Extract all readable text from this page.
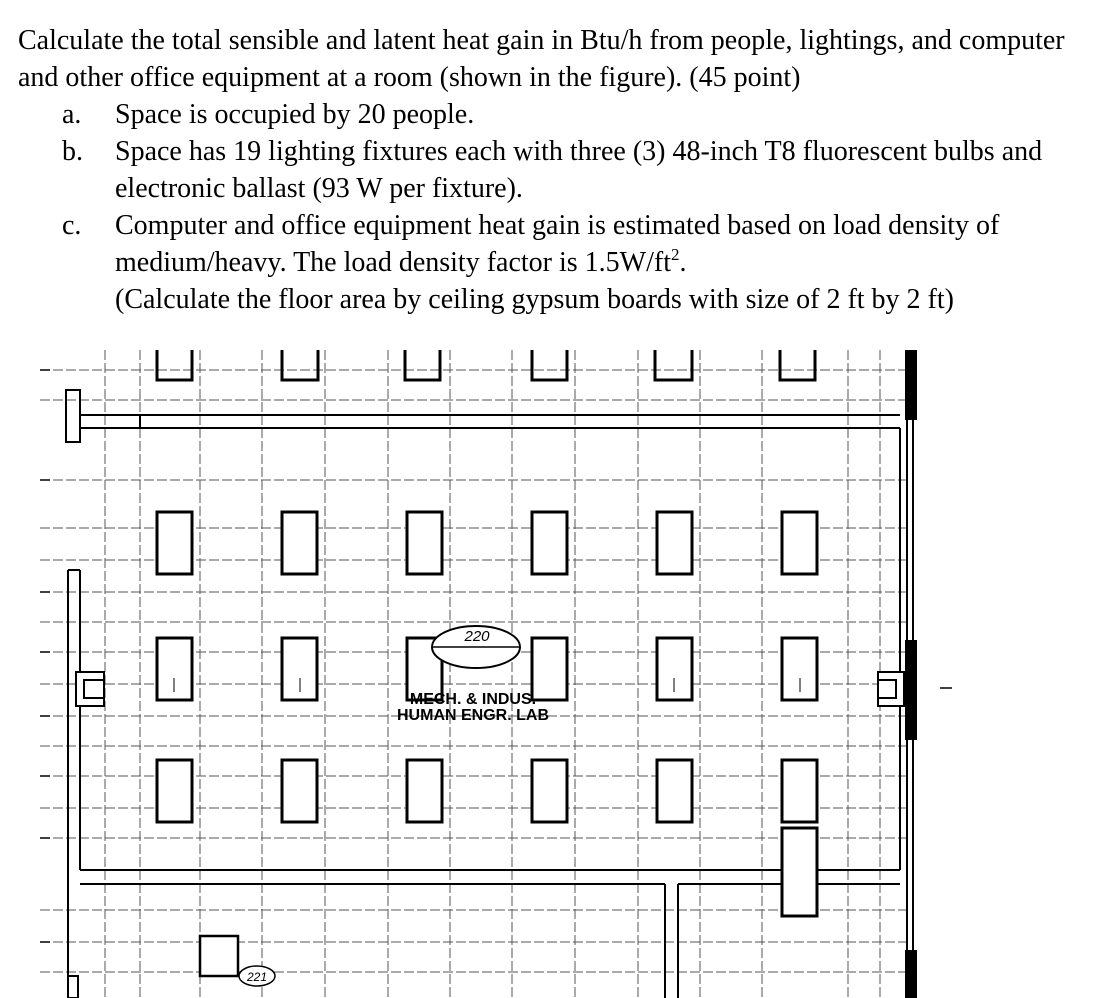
Calculate the total sensible and latent heat gain in Btu/h from people, lightings, and computer and other office equipment at a room (shown in the figure). (45 point)

a.	Space is occupied by 20 people.
b.	Space has 19 lighting fixtures each with three (3) 48-inch T8 fluorescent bulbs and electronic ballast (93 W per fixture).
c.	Computer and office equipment heat gain is estimated based on load density of medium/heavy. The load density factor is $1.5W/ft^2$.

(Calculate the floor area by ceiling gypsum boards with size of 2 ft by 2 ft)

220
MECH. & INDUS.
HUMAN ENGR. LAB
221
